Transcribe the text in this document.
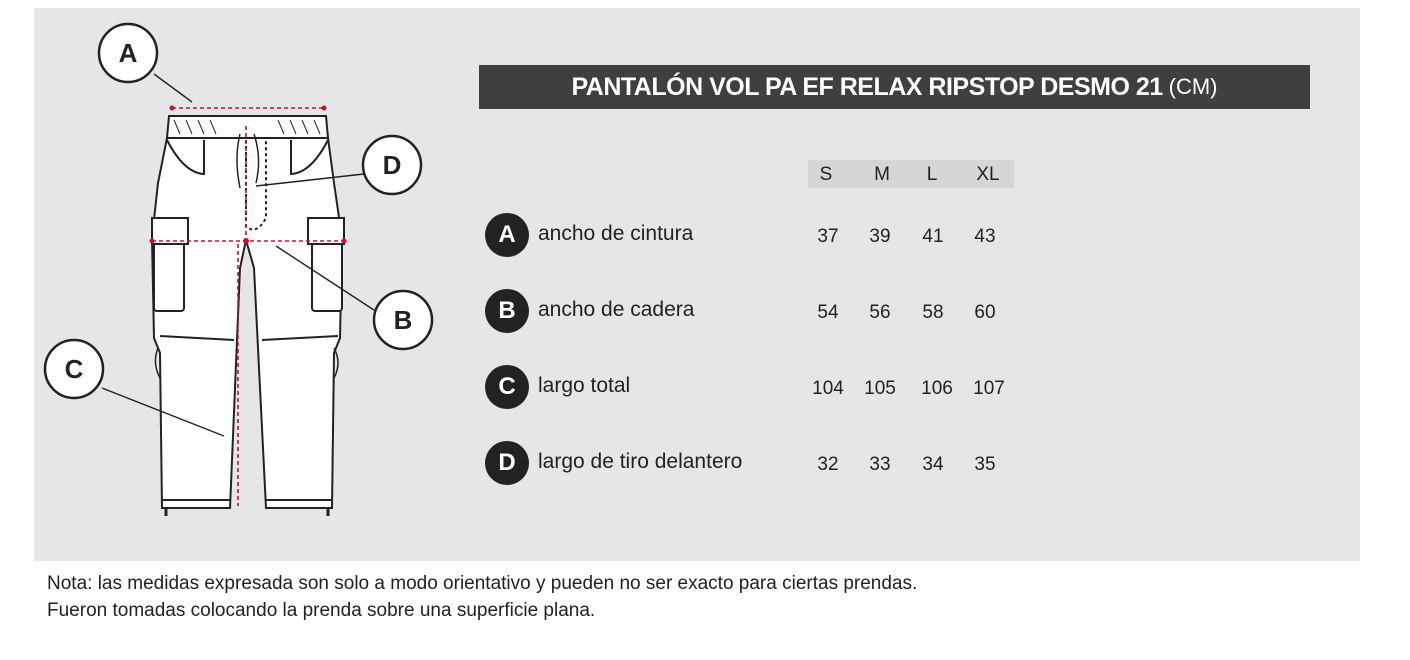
A
D
B
C
PANTALÓN VOL PA EF RELAX RIPSTOP DESMO 21 (CM)
S	M	L	XL
A	ancho de cintura	37	39	41	43
B	ancho de cadera	54	56	58	60
C	largo total	104	105	106	107
D	largo de tiro delantero	32	33	34	35
Nota: las medidas expresada son solo a modo orientativo y pueden no ser exacto para ciertas prendas.
Fueron tomadas colocando la prenda sobre una superficie plana.
